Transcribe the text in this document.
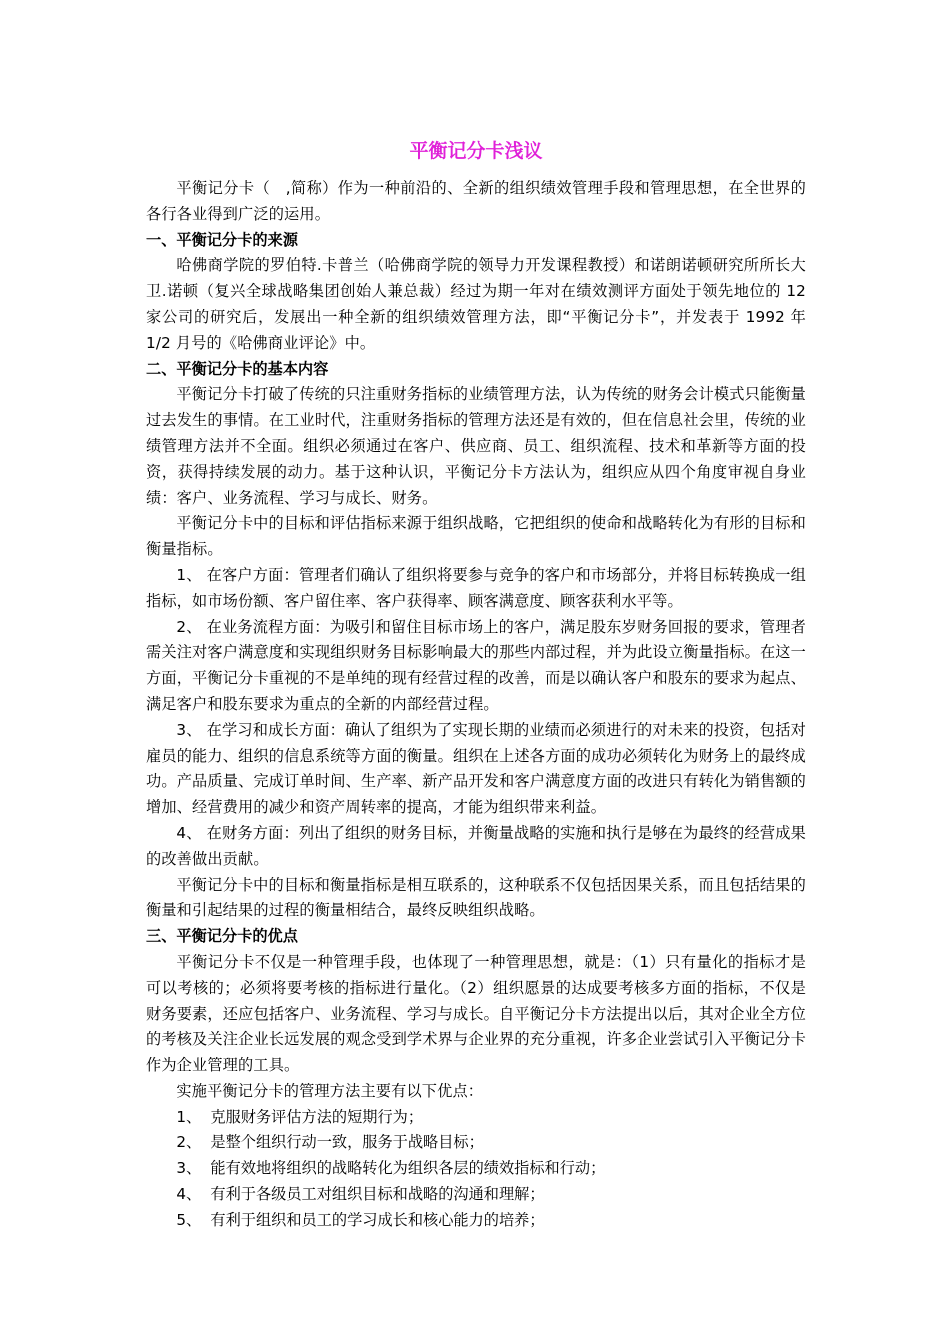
平衡记分卡浅议

平衡记分卡（　,简称）作为一种前沿的、全新的组织绩效管理手段和管理思想，在全世界的各行各业得到广泛的运用。

一、平衡记分卡的来源

哈佛商学院的罗伯特.卡普兰（哈佛商学院的领导力开发课程教授）和诺朗诺顿研究所所长大卫.诺顿（复兴全球战略集团创始人兼总裁）经过为期一年对在绩效测评方面处于领先地位的 12 家公司的研究后，发展出一种全新的组织绩效管理方法，即“平衡记分卡”，并发表于 1992 年 1/2 月号的《哈佛商业评论》中。

二、平衡记分卡的基本内容

平衡记分卡打破了传统的只注重财务指标的业绩管理方法，认为传统的财务会计模式只能衡量过去发生的事情。在工业时代，注重财务指标的管理方法还是有效的，但在信息社会里，传统的业绩管理方法并不全面。组织必须通过在客户、供应商、员工、组织流程、技术和革新等方面的投资，获得持续发展的动力。基于这种认识，平衡记分卡方法认为，组织应从四个角度审视自身业绩：客户、业务流程、学习与成长、财务。

平衡记分卡中的目标和评估指标来源于组织战略，它把组织的使命和战略转化为有形的目标和衡量指标。

1、 在客户方面：管理者们确认了组织将要参与竞争的客户和市场部分，并将目标转换成一组指标，如市场份额、客户留住率、客户获得率、顾客满意度、顾客获利水平等。

2、 在业务流程方面：为吸引和留住目标市场上的客户，满足股东岁财务回报的要求，管理者需关注对客户满意度和实现组织财务目标影响最大的那些内部过程，并为此设立衡量指标。在这一方面，平衡记分卡重视的不是单纯的现有经营过程的改善，而是以确认客户和股东的要求为起点、满足客户和股东要求为重点的全新的内部经营过程。

3、 在学习和成长方面：确认了组织为了实现长期的业绩而必须进行的对未来的投资，包括对雇员的能力、组织的信息系统等方面的衡量。组织在上述各方面的成功必须转化为财务上的最终成功。产品质量、完成订单时间、生产率、新产品开发和客户满意度方面的改进只有转化为销售额的增加、经营费用的减少和资产周转率的提高，才能为组织带来利益。

4、 在财务方面：列出了组织的财务目标，并衡量战略的实施和执行是够在为最终的经营成果的改善做出贡献。

平衡记分卡中的目标和衡量指标是相互联系的，这种联系不仅包括因果关系，而且包括结果的衡量和引起结果的过程的衡量相结合，最终反映组织战略。

三、平衡记分卡的优点

平衡记分卡不仅是一种管理手段，也体现了一种管理思想，就是：（1）只有量化的指标才是可以考核的；必须将要考核的指标进行量化。（2）组织愿景的达成要考核多方面的指标，不仅是财务要素，还应包括客户、业务流程、学习与成长。自平衡记分卡方法提出以后，其对企业全方位的考核及关注企业长远发展的观念受到学术界与企业界的充分重视，许多企业尝试引入平衡记分卡作为企业管理的工具。

实施平衡记分卡的管理方法主要有以下优点：

1、 克服财务评估方法的短期行为；

2、 是整个组织行动一致，服务于战略目标；

3、 能有效地将组织的战略转化为组织各层的绩效指标和行动；

4、 有利于各级员工对组织目标和战略的沟通和理解；

5、 有利于组织和员工的学习成长和核心能力的培养；
